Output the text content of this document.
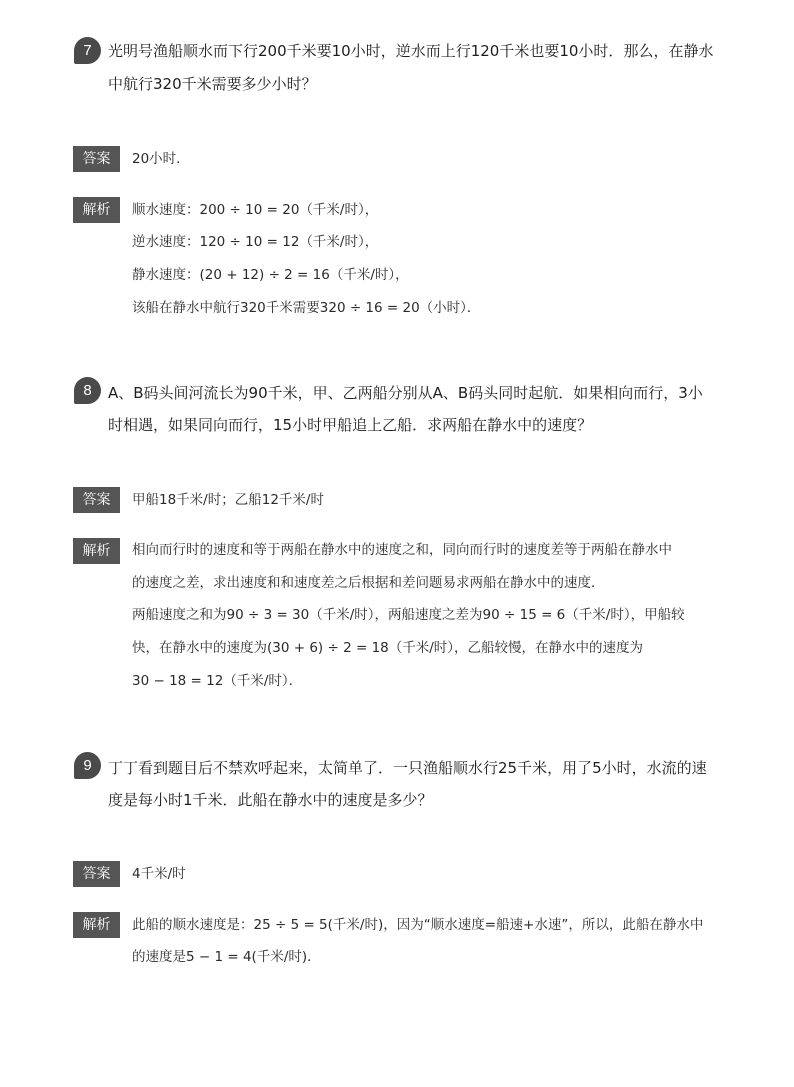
7	光明号渔船顺水而下行200千米要10小时，逆水而上行120千米也要10小时．那么，在静水
中航行320千米需要多少小时？
答案	20小时．
解析	顺水速度：200 ÷ 10 = 20（千米/时），
逆水速度：120 ÷ 10 = 12（千米/时），
静水速度：(20 + 12) ÷ 2 = 16（千米/时），
该船在静水中航行320千米需要320 ÷ 16 = 20（小时）．
8	A、B码头间河流长为90千米，甲、乙两船分别从A、B码头同时起航．如果相向而行，3小
时相遇，如果同向而行，15小时甲船追上乙船．求两船在静水中的速度？
答案	甲船18千米/时；乙船12千米/时
解析	相向而行时的速度和等于两船在静水中的速度之和，同向而行时的速度差等于两船在静水中
的速度之差，求出速度和和速度差之后根据和差问题易求两船在静水中的速度．
两船速度之和为90 ÷ 3 = 30（千米/时），两船速度之差为90 ÷ 15 = 6（千米/时），甲船较
快，在静水中的速度为(30 + 6) ÷ 2 = 18（千米/时），乙船较慢，在静水中的速度为
30 − 18 = 12（千米/时）．
9	丁丁看到题目后不禁欢呼起来，太简单了．一只渔船顺水行25千米，用了5小时，水流的速
度是每小时1千米．此船在静水中的速度是多少？
答案	4千米/时
解析	此船的顺水速度是：25 ÷ 5 = 5(千米/时)，因为“顺水速度=船速+水速”，所以，此船在静水中
的速度是5 − 1 = 4(千米/时)．
